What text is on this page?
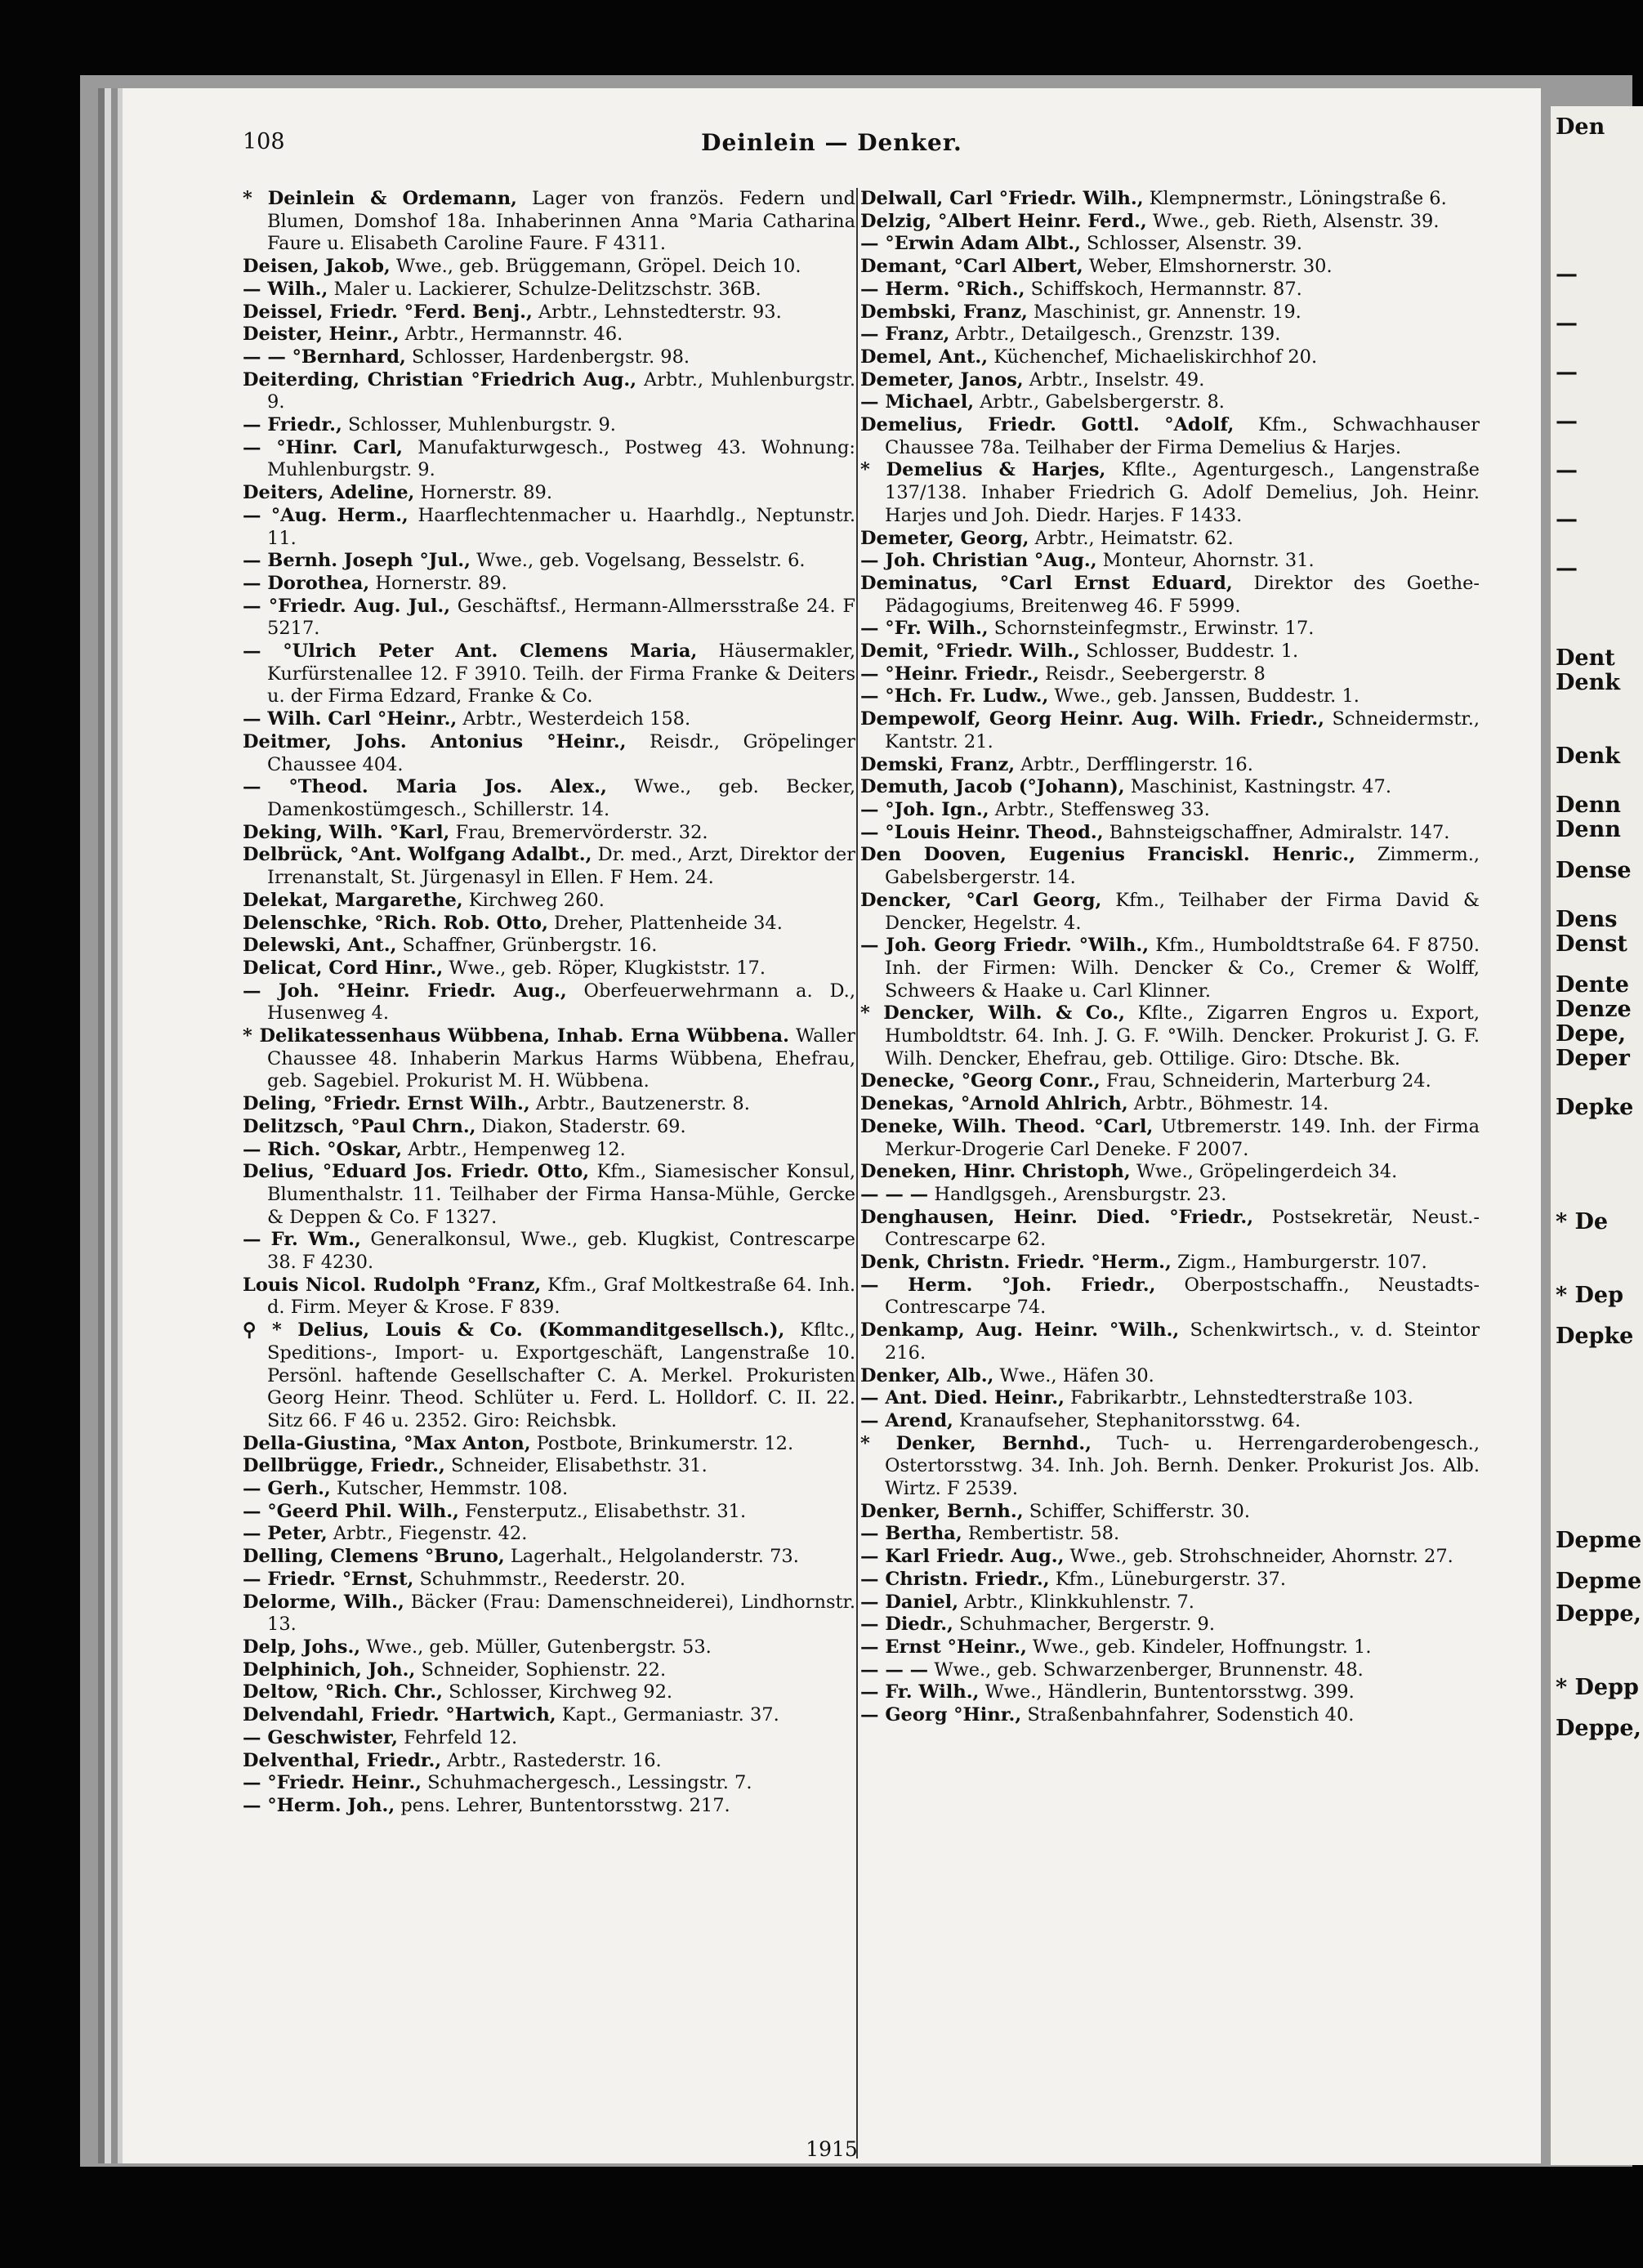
108	Deinlein — Denker.

* Deinlein & Ordemann, Lager von französ. Federn und Blumen, Domshof 18a. Inhaberinnen Anna °Maria Catharina Faure u. Elisabeth Caroline Faure. F 4311.

Deisen, Jakob, Wwe., geb. Brüggemann, Gröpel. Deich 10.

— Wilh., Maler u. Lackierer, Schulze-Delitzschstr. 36B.

Deissel, Friedr. °Ferd. Benj., Arbtr., Lehnstedterstr. 93.

Deister, Heinr., Arbtr., Hermannstr. 46.

— — °Bernhard, Schlosser, Hardenbergstr. 98.

Deiterding, Christian °Friedrich Aug., Arbtr., Muhlenburgstr. 9.

— Friedr., Schlosser, Muhlenburgstr. 9.

— °Hinr. Carl, Manufakturwgesch., Postweg 43. Wohnung: Muhlenburgstr. 9.

Deiters, Adeline, Hornerstr. 89.

— °Aug. Herm., Haarflechtenmacher u. Haarhdlg., Neptunstr. 11.

— Bernh. Joseph °Jul., Wwe., geb. Vogelsang, Besselstr. 6.

— Dorothea, Hornerstr. 89.

— °Friedr. Aug. Jul., Geschäftsf., Hermann-Allmersstraße 24. F 5217.

— °Ulrich Peter Ant. Clemens Maria, Häusermakler, Kurfürstenallee 12. F 3910. Teilh. der Firma Franke & Deiters u. der Firma Edzard, Franke & Co.

— Wilh. Carl °Heinr., Arbtr., Westerdeich 158.

Deitmer, Johs. Antonius °Heinr., Reisdr., Gröpelinger Chaussee 404.

— °Theod. Maria Jos. Alex., Wwe., geb. Becker, Damenkostümgesch., Schillerstr. 14.

Deking, Wilh. °Karl, Frau, Bremervörderstr. 32.

Delbrück, °Ant. Wolfgang Adalbt., Dr. med., Arzt, Direktor der Irrenanstalt, St. Jürgenasyl in Ellen. F Hem. 24.

Delekat, Margarethe, Kirchweg 260.

Delenschke, °Rich. Rob. Otto, Dreher, Plattenheide 34.

Delewski, Ant., Schaffner, Grünbergstr. 16.

Delicat, Cord Hinr., Wwe., geb. Röper, Klugkiststr. 17.

— Joh. °Heinr. Friedr. Aug., Oberfeuerwehrmann a. D., Husenweg 4.

* Delikatessenhaus Wübbena, Inhab. Erna Wübbena. Waller Chaussee 48. Inhaberin Markus Harms Wübbena, Ehefrau, geb. Sagebiel. Prokurist M. H. Wübbena.

Deling, °Friedr. Ernst Wilh., Arbtr., Bautzenerstr. 8.

Delitzsch, °Paul Chrn., Diakon, Staderstr. 69.

— Rich. °Oskar, Arbtr., Hempenweg 12.

Delius, °Eduard Jos. Friedr. Otto, Kfm., Siamesischer Konsul, Blumenthalstr. 11. Teilhaber der Firma Hansa-Mühle, Gercke & Deppen & Co. F 1327.

— Fr. Wm., Generalkonsul, Wwe., geb. Klugkist, Contrescarpe 38. F 4230.

Louis Nicol. Rudolph °Franz, Kfm., Graf Moltkestraße 64. Inh. d. Firm. Meyer & Krose. F 839.

⚲ * Delius, Louis & Co. (Kommanditgesellsch.), Kfltc., Speditions-, Import- u. Exportgeschäft, Langenstraße 10. Persönl. haftende Gesellschafter C. A. Merkel. Prokuristen Georg Heinr. Theod. Schlüter u. Ferd. L. Holldorf. C. II. 22. Sitz 66. F 46 u. 2352. Giro: Reichsbk.

Della-Giustina, °Max Anton, Postbote, Brinkumerstr. 12.

Dellbrügge, Friedr., Schneider, Elisabethstr. 31.

— Gerh., Kutscher, Hemmstr. 108.

— °Geerd Phil. Wilh., Fensterputz., Elisabethstr. 31.

— Peter, Arbtr., Fiegenstr. 42.

Delling, Clemens °Bruno, Lagerhalt., Helgolanderstr. 73.

— Friedr. °Ernst, Schuhmmstr., Reederstr. 20.

Delorme, Wilh., Bäcker (Frau: Damenschneiderei), Lindhornstr. 13.

Delp, Johs., Wwe., geb. Müller, Gutenbergstr. 53.

Delphinich, Joh., Schneider, Sophienstr. 22.

Deltow, °Rich. Chr., Schlosser, Kirchweg 92.

Delvendahl, Friedr. °Hartwich, Kapt., Germaniastr. 37.

— Geschwister, Fehrfeld 12.

Delventhal, Friedr., Arbtr., Rastederstr. 16.

— °Friedr. Heinr., Schuhmachergesch., Lessingstr. 7.

— °Herm. Joh., pens. Lehrer, Buntentorsstwg. 217.

Delwall, Carl °Friedr. Wilh., Klempnermstr., Löningstraße 6.

Delzig, °Albert Heinr. Ferd., Wwe., geb. Rieth, Alsenstr. 39.

— °Erwin Adam Albt., Schlosser, Alsenstr. 39.

Demant, °Carl Albert, Weber, Elmshornerstr. 30.

— Herm. °Rich., Schiffskoch, Hermannstr. 87.

Dembski, Franz, Maschinist, gr. Annenstr. 19.

— Franz, Arbtr., Detailgesch., Grenzstr. 139.

Demel, Ant., Küchenchef, Michaeliskirchhof 20.

Demeter, Janos, Arbtr., Inselstr. 49.

— Michael, Arbtr., Gabelsbergerstr. 8.

Demelius, Friedr. Gottl. °Adolf, Kfm., Schwachhauser Chaussee 78a. Teilhaber der Firma Demelius & Harjes.

* Demelius & Harjes, Kflte., Agenturgesch., Langenstraße 137/138. Inhaber Friedrich G. Adolf Demelius, Joh. Heinr. Harjes und Joh. Diedr. Harjes. F 1433.

Demeter, Georg, Arbtr., Heimatstr. 62.

— Joh. Christian °Aug., Monteur, Ahornstr. 31.

Deminatus, °Carl Ernst Eduard, Direktor des Goethe-Pädagogiums, Breitenweg 46. F 5999.

— °Fr. Wilh., Schornsteinfegmstr., Erwinstr. 17.

Demit, °Friedr. Wilh., Schlosser, Buddestr. 1.

— °Heinr. Friedr., Reisdr., Seebergerstr. 8

— °Hch. Fr. Ludw., Wwe., geb. Janssen, Buddestr. 1.

Dempewolf, Georg Heinr. Aug. Wilh. Friedr., Schneidermstr., Kantstr. 21.

Demski, Franz, Arbtr., Derfflingerstr. 16.

Demuth, Jacob (°Johann), Maschinist, Kastningstr. 47.

— °Joh. Ign., Arbtr., Steffensweg 33.

— °Louis Heinr. Theod., Bahnsteigschaffner, Admiralstr. 147.

Den Dooven, Eugenius Franciskl. Henric., Zimmerm., Gabelsbergerstr. 14.

Dencker, °Carl Georg, Kfm., Teilhaber der Firma David & Dencker, Hegelstr. 4.

— Joh. Georg Friedr. °Wilh., Kfm., Humboldtstraße 64. F 8750. Inh. der Firmen: Wilh. Dencker & Co., Cremer & Wolff, Schweers & Haake u. Carl Klinner.

* Dencker, Wilh. & Co., Kflte., Zigarren Engros u. Export, Humboldtstr. 64. Inh. J. G. F. °Wilh. Dencker. Prokurist J. G. F. Wilh. Dencker, Ehefrau, geb. Ottilige. Giro: Dtsche. Bk.

Denecke, °Georg Conr., Frau, Schneiderin, Marterburg 24.

Denekas, °Arnold Ahlrich, Arbtr., Böhmestr. 14.

Deneke, Wilh. Theod. °Carl, Utbremerstr. 149. Inh. der Firma Merkur-Drogerie Carl Deneke. F 2007.

Deneken, Hinr. Christoph, Wwe., Gröpelingerdeich 34.

— — — Handlgsgeh., Arensburgstr. 23.

Denghausen, Heinr. Died. °Friedr., Postsekretär, Neust.-Contrescarpe 62.

Denk, Christn. Friedr. °Herm., Zigm., Hamburgerstr. 107.

— Herm. °Joh. Friedr., Oberpostschaffn., Neustadts-Contrescarpe 74.

Denkamp, Aug. Heinr. °Wilh., Schenkwirtsch., v. d. Steintor 216.

Denker, Alb., Wwe., Häfen 30.

— Ant. Died. Heinr., Fabrikarbtr., Lehnstedterstraße 103.

— Arend, Kranaufseher, Stephanitorsstwg. 64.

* Denker, Bernhd., Tuch- u. Herrengarderobengesch., Ostertorsstwg. 34. Inh. Joh. Bernh. Denker. Prokurist Jos. Alb. Wirtz. F 2539.

Denker, Bernh., Schiffer, Schifferstr. 30.

— Bertha, Rembertistr. 58.

— Karl Friedr. Aug., Wwe., geb. Strohschneider, Ahornstr. 27.

— Christn. Friedr., Kfm., Lüneburgerstr. 37.

— Daniel, Arbtr., Klinkkuhlenstr. 7.

— Diedr., Schuhmacher, Bergerstr. 9.

— Ernst °Heinr., Wwe., geb. Kindeler, Hoffnungstr. 1.

— — — Wwe., geb. Schwarzenberger, Brunnenstr. 48.

— Fr. Wilh., Wwe., Händlerin, Buntentorsstwg. 399.

— Georg °Hinr., Straßenbahnfahrer, Sodenstich 40.

1915
Den
—
—
—
—
—
—
—
Dent
Denk
Denk
Denn
Denn
Dense
Dens
Denst
Dente
Denze
Depe,
Deper
Depke
* De
* Dep
Depke
Depme
Depme
Deppe,
* Depp
Deppe,
